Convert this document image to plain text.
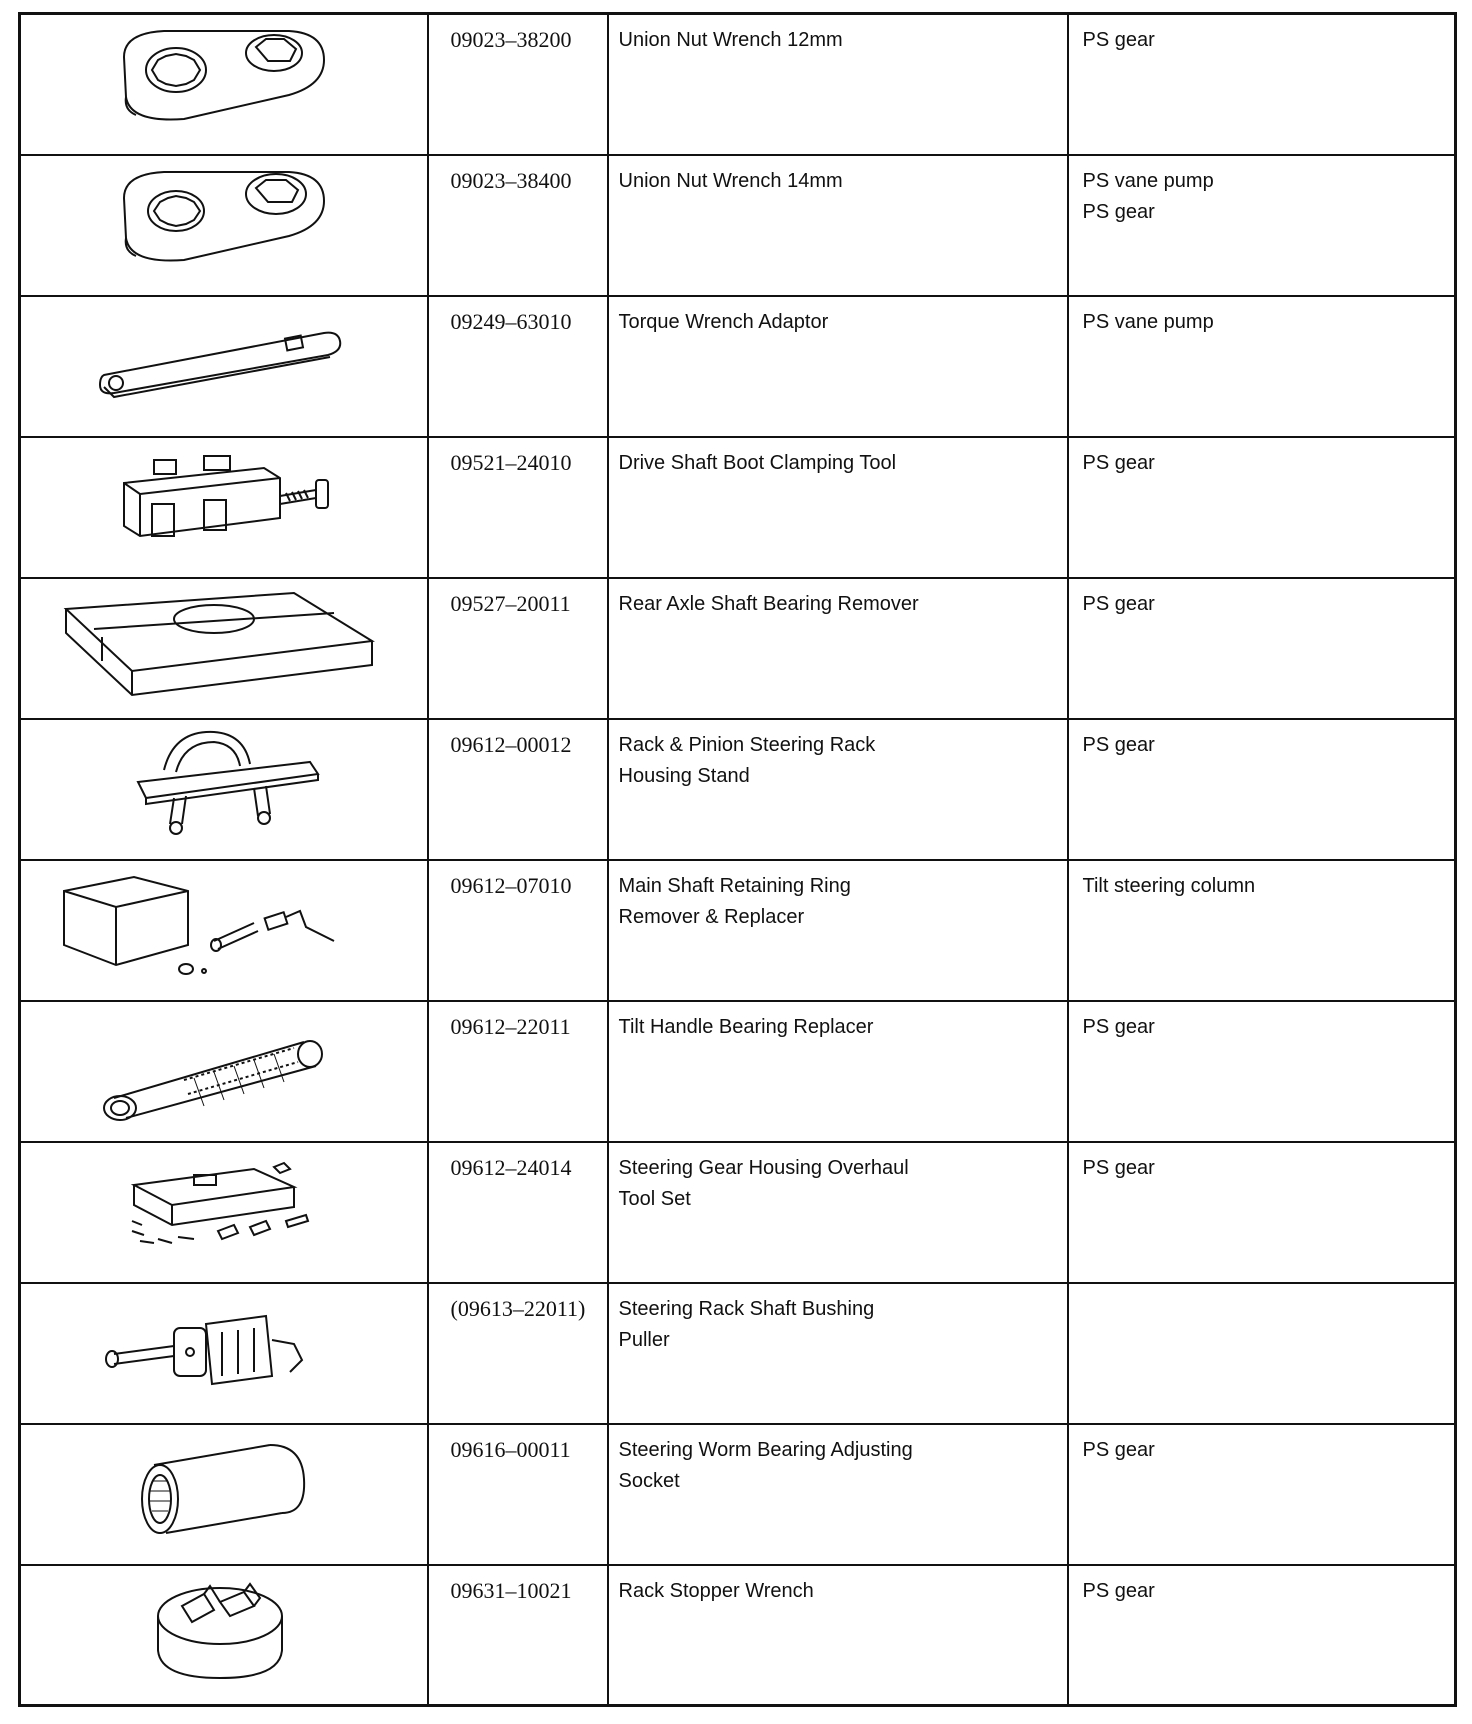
	09023–38200	Union Nut Wrench 12mm	PS gear

	09023–38400	Union Nut Wrench 14mm	PS vane pump
PS gear

	09249–63010	Torque Wrench Adaptor	PS vane pump

	09521–24010	Drive Shaft Boot Clamping Tool	PS gear

	09527–20011	Rear Axle Shaft Bearing Remover	PS gear

	09612–00012	Rack & Pinion Steering Rack
Housing Stand	PS gear

	09612–07010	Main Shaft Retaining Ring
Remover & Replacer	Tilt steering column

	09612–22011	Tilt Handle Bearing Replacer	PS gear

	09612–24014	Steering Gear Housing Overhaul
Tool Set	PS gear

	(09613–22011)	Steering Rack Shaft Bushing
Puller	

	09616–00011	Steering Worm Bearing Adjusting
Socket	PS gear

	09631–10021	Rack Stopper Wrench	PS gear
